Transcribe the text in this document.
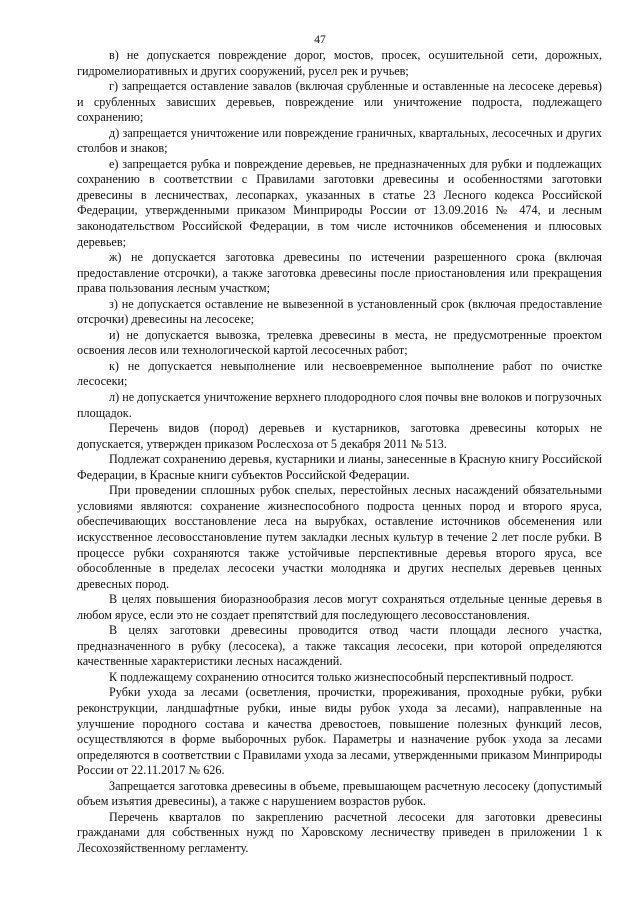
47

в) не допускается повреждение дорог, мостов, просек, осушительной сети, дорожных, гидромелиоративных и других сооружений, русел рек и ручьев;

г) запрещается оставление завалов (включая срубленные и оставленные на лесосеке деревья) и срубленных зависших деревьев, повреждение или уничтожение подроста, подлежащего сохранению;

д) запрещается уничтожение или повреждение граничных, квартальных, лесосечных и других столбов и знаков;

е) запрещается рубка и повреждение деревьев, не предназначенных для рубки и подлежащих сохранению в соответствии с Правилами заготовки древесины и особенностями заготовки древесины в лесничествах, лесопарках, указанных в статье 23 Лесного кодекса Российской Федерации, утвержденными приказом Минприроды России от 13.09.2016 № 474, и лесным законодательством Российской Федерации, в том числе источников обсеменения и плюсовых деревьев;

ж) не допускается заготовка древесины по истечении разрешенного срока (включая предоставление отсрочки), а также заготовка древесины после приостановления или прекращения права пользования лесным участком;

з) не допускается оставление не вывезенной в установленный срок (включая предоставление отсрочки) древесины на лесосеке;

и) не допускается вывозка, трелевка древесины в места, не предусмотренные проектом освоения лесов или технологической картой лесосечных работ;

к) не допускается невыполнение или несвоевременное выполнение работ по очистке лесосеки;

л) не допускается уничтожение верхнего плодородного слоя почвы вне волоков и погрузочных площадок.

Перечень видов (пород) деревьев и кустарников, заготовка древесины которых не допускается, утвержден приказом Рослесхоза от 5 декабря 2011 № 513.

Подлежат сохранению деревья, кустарники и лианы, занесенные в Красную книгу Российской Федерации, в Красные книги субъектов Российской Федерации.

При проведении сплошных рубок спелых, перестойных лесных насаждений обязательными условиями являются: сохранение жизнеспособного подроста ценных пород и второго яруса, обеспечивающих восстановление леса на вырубках, оставление источников обсеменения или искусственное лесовосстановление путем закладки лесных культур в течение 2 лет после рубки. В процессе рубки сохраняются также устойчивые перспективные деревья второго яруса, все обособленные в пределах лесосеки участки молодняка и других неспелых деревьев ценных древесных пород.

В целях повышения биоразнообразия лесов могут сохраняться отдельные ценные деревья в любом ярусе, если это не создает препятствий для последующего лесовосстановления.

В целях заготовки древесины проводится отвод части площади лесного участка, предназначенного в рубку (лесосека), а также таксация лесосеки, при которой определяются качественные характеристики лесных насаждений.

К подлежащему сохранению относится только жизнеспособный перспективный подрост.

Рубки ухода за лесами (осветления, прочистки, прореживания, проходные рубки, рубки реконструкции, ландшафтные рубки, иные виды рубок ухода за лесами), направленные на улучшение породного состава и качества древостоев, повышение полезных функций лесов, осуществляются в форме выборочных рубок. Параметры и назначение рубок ухода за лесами определяются в соответствии с Правилами ухода за лесами, утвержденными приказом Минприроды России от 22.11.2017 № 626.

Запрещается заготовка древесины в объеме, превышающем расчетную лесосеку (допустимый объем изъятия древесины), а также с нарушением возрастов рубок.

Перечень кварталов по закреплению расчетной лесосеки для заготовки древесины гражданами для собственных нужд по Харовскому лесничеству приведен в приложении 1 к Лесохозяйственному регламенту.
